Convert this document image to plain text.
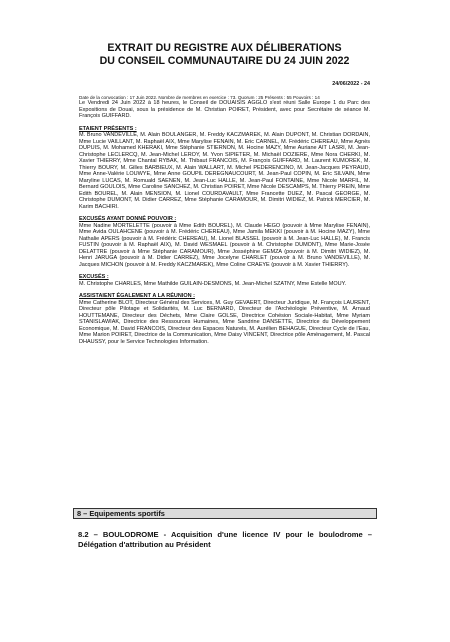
EXTRAIT DU REGISTRE AUX DÉLIBERATIONS
DU CONSEIL COMMUNAUTAIRE DU 24 JUIN 2022
24/06/2022 - 24
Date de la convocation : 17 Juin 2022. Nombre de membres en exercice : 73. Quorum : 25 Présents : 55 Pouvoirs : 14

Le Vendredi 24 Juin 2022 à 18 heures, le Conseil de DOUAISIS AGGLO s'est réuni Salle Europe 1 du Parc des Expositions de Douai, sous la présidence de M. Christian POIRET, Président, avec pour Secrétaire de séance M. François GUIFFARD.

ETAIENT PRÉSENTS :

M. Bruno VANDEVILLE, M. Alain BOULANGER, M. Freddy KACZMAREK, M. Alain DUPONT, M. Christian DORDAIN, Mme Lucie VAILLANT, M. Raphaël AIX, Mme Marylise FENAIN, M. Eric CARNEL, M. Frédéric CHEREAU, Mme Agnès DUPUIS, M. Mohamed KHERAKI, Mme Stéphanie STIERNON, M. Hocine MAZY, Mme Auriane AIT LASRI, M. Jean-Christophe LECLERCQ, M. Jean-Michel LEROY, M. Yvon SIPIETER, M. Michaël DOZIERE, Mme Nora CHERKI, M. Xavier THIERRY, Mme Chantal RYBAK, M. Thibaut FRANCOIS, M. François GUIFFARD, M. Laurent KUMOREK, M. Thierry BOURY, M. Gilles BARBIEUX, M. Alain WALLART, M. Michel PEDERENCINO, M. Jean-Jacques PEYRAUD, Mme Anne-Valérie LOUWYE, Mme Anne GOUPIL DEREGNAUCOURT, M. Jean-Paul COPIN, M. Eric SILVAIN, Mme Maryline LUCAS, M. Romuald SAENEN, M. Jean-Luc HALLE, M. Jean-Paul FONTAINE, Mme Nicole MARFIL, M. Bernard GOULOIS, Mme Caroline SANCHEZ, M. Christian POIRET, Mme Nicole DESCAMPS, M. Thierry PREIN, Mme Edith BOUREL, M. Alain MENSION, M. Lionel COURDAVAULT, Mme Francette DUEZ, M. Pascal GEORGE, M. Christophe DUMONT, M. Didier CARREZ, Mme Stéphanie CARAMOUR, M. Dimitri WIDIEZ, M. Patrick MERCIER, M. Karim BACHIRI.

EXCUSÉS AYANT DONNÉ POUVOIR :

Mme Nadine MORTELETTE (pouvoir à Mme Edith BOUREL), M. Claude HEGO (pouvoir à Mme Marylise FENAIN), Mme Avida OULAHCENE (pouvoir à M. Frédéric CHEREAU), Mme Jamila MEKKI (pouvoir à M. Hocine MAZY), Mme Nathalie APERS (pouvoir à M. Frédéric CHEREAU), M. Lionel BLASSEL (pouvoir à M. Jean-Luc HALLE), M. Francis FUSTIN (pouvoir à M. Raphaël AIX), M. David WESMAEL (pouvoir à M. Christophe DUMONT), Mme Marie-Josée DELATTRE (pouvoir à Mme Stéphanie CARAMOUR), Mme Josséphine GEMZA (pouvoir à M. Dimitri WIDIEZ), M. Henri JARUGA (pouvoir à M. Didier CARREZ), Mme Jocelyne CHARLET (pouvoir à M. Bruno VANDEVILLE), M. Jacques MICHON (pouvoir à M. Freddy KACZMAREK), Mme Coline CRAEYE (pouvoir à M. Xavier THIERRY).

EXCUSÉS :

M. Christophe CHARLES, Mme Mathilde GUILAIN-DESMONS, M. Jean-Michel SZATNY, Mme Estelle MOUY.

ASSISTAIENT ÉGALEMENT A LA RÉUNION :

Mme Catherine BLOT, Directeur Général des Services, M. Guy GEVAERT, Directeur Juridique, M. François LAURENT, Directeur pôle Pilotage et Solidarités, M. Luc BERNARD, Directeur de l'Archéologie Préventive, M. Arnaud HOUTTEMANE, Directeur des Déchets, Mme Claire GOLSE, Directrice Cohésion Sociale-Habitat, Mme Myriam STANISLAWIAK, Directrice des Ressources Humaines, Mme Sandrine DANSETTE, Directrice du Développement Economique, M. David FRANCOIS, Directeur des Espaces Naturels, M. Aurélien BEHAGUE, Directeur Cycle de l'Eau, Mme Marion POIRET, Directrice de la Communication, Mme Daisy VINCENT, Directrice pôle Aménagement, M. Pascal DHAUSSY, pour le Service Technologies Information.

8 – Equipements sportifs
8.2 – BOULODROME - Acquisition d'une licence IV pour le boulodrome – Délégation d'attribution au Président
